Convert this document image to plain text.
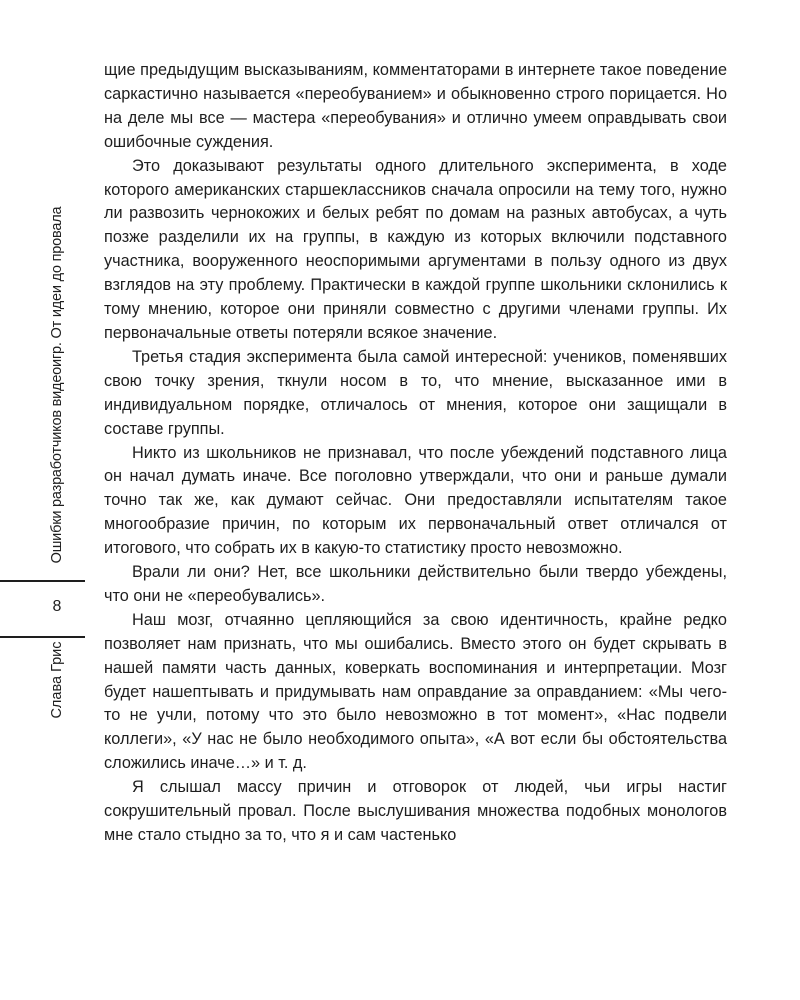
Ошибки разработчиков видеоигр. От идеи до провала
8
Слава Грис

щие предыдущим высказываниям, комментаторами в интернете такое поведение саркастично называется «переобуванием» и обыкновенно строго порицается. Но на деле мы все — мастера «переобувания» и отлично умеем оправдывать свои ошибочные суждения.

Это доказывают результаты одного длительного эксперимента, в ходе которого американских старшеклассников сначала опросили на тему того, нужно ли развозить чернокожих и белых ребят по домам на разных автобусах, а чуть позже разделили их на группы, в каждую из которых включили подставного участника, вооруженного неоспоримыми аргументами в пользу одного из двух взглядов на эту проблему. Практически в каждой группе школьники склонились к тому мнению, которое они приняли совместно с другими членами группы. Их первоначальные ответы потеряли всякое значение.

Третья стадия эксперимента была самой интересной: учеников, поменявших свою точку зрения, ткнули носом в то, что мнение, высказанное ими в индивидуальном порядке, отличалось от мнения, которое они защищали в составе группы.

Никто из школьников не признавал, что после убеждений подставного лица он начал думать иначе. Все поголовно утверждали, что они и раньше думали точно так же, как думают сейчас. Они предоставляли испытателям такое многообразие причин, по которым их первоначальный ответ отличался от итогового, что собрать их в какую-то статистику просто невозможно.

Врали ли они? Нет, все школьники действительно были твердо убеждены, что они не «переобувались».

Наш мозг, отчаянно цепляющийся за свою идентичность, крайне редко позволяет нам признать, что мы ошибались. Вместо этого он будет скрывать в нашей памяти часть данных, коверкать воспоминания и интерпретации. Мозг будет нашептывать и придумывать нам оправдание за оправданием: «Мы чего-то не учли, потому что это было невозможно в тот момент», «Нас подвели коллеги», «У нас не было необходимого опыта», «А вот если бы обстоятельства сложились иначе…» и т. д.

Я слышал массу причин и отговорок от людей, чьи игры настиг сокрушительный провал. После выслушивания множества подобных монологов мне стало стыдно за то, что я и сам частенько
